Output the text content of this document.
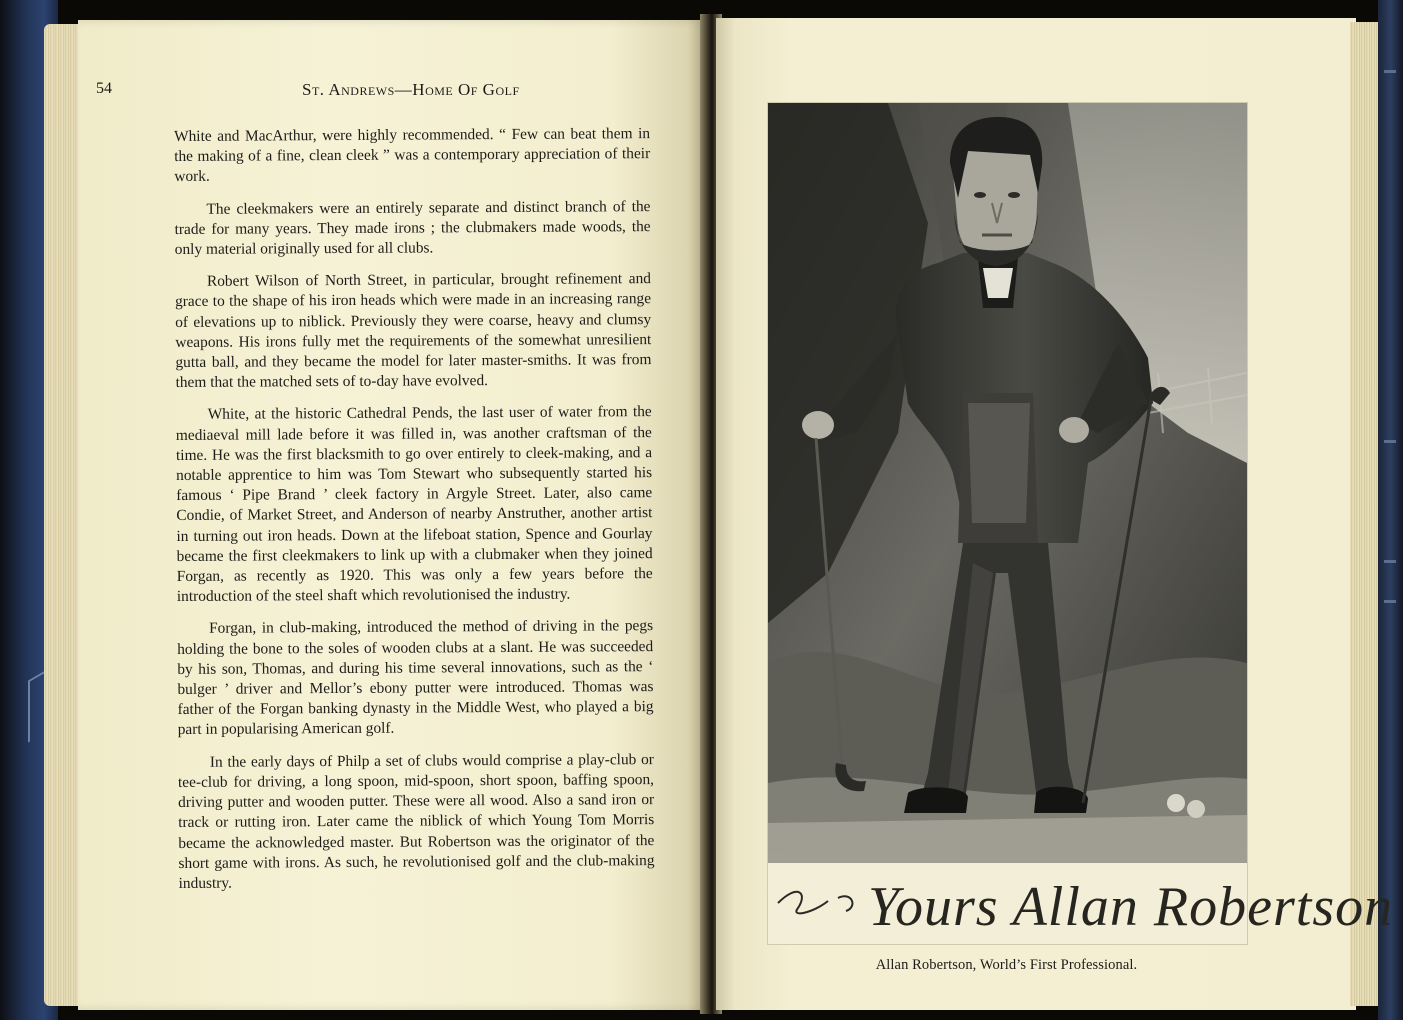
54	St. Andrews—Home Of Golf

White and MacArthur, were highly recommended. “ Few can beat them in the making of a fine, clean cleek ” was a contemporary appreciation of their work.

The cleekmakers were an entirely separate and distinct branch of the trade for many years. They made irons ; the clubmakers made woods, the only material originally used for all clubs.

Robert Wilson of North Street, in particular, brought refinement and grace to the shape of his iron heads which were made in an increasing range of elevations up to niblick. Previously they were coarse, heavy and clumsy weapons. His irons fully met the requirements of the somewhat unresilient gutta ball, and they became the model for later master-smiths. It was from them that the matched sets of to-day have evolved.

White, at the historic Cathedral Pends, the last user of water from the mediaeval mill lade before it was filled in, was another craftsman of the time. He was the first blacksmith to go over entirely to cleek-making, and a notable apprentice to him was Tom Stewart who subsequently started his famous ‘ Pipe Brand ’ cleek factory in Argyle Street. Later, also came Condie, of Market Street, and Anderson of nearby Anstruther, another artist in turning out iron heads. Down at the lifeboat station, Spence and Gourlay became the first cleekmakers to link up with a clubmaker when they joined Forgan, as recently as 1920. This was only a few years before the introduction of the steel shaft which revolutionised the industry.

Forgan, in club-making, introduced the method of driving in the pegs holding the bone to the soles of wooden clubs at a slant. He was succeeded by his son, Thomas, and during his time several innovations, such as the ‘ bulger ’ driver and Mellor’s ebony putter were introduced. Thomas was father of the Forgan banking dynasty in the Middle West, who played a big part in popularising American golf.

In the early days of Philp a set of clubs would comprise a play-club or tee-club for driving, a long spoon, mid-spoon, short spoon, baffing spoon, driving putter and wooden putter. These were all wood. Also a sand iron or track or rutting iron. Later came the niblick of which Young Tom Morris became the acknowledged master. But Robertson was the originator of the short game with irons. As such, he revolutionised golf and the club-making industry.	Yours Allan Robertson
Allan Robertson, World’s First Professional.
